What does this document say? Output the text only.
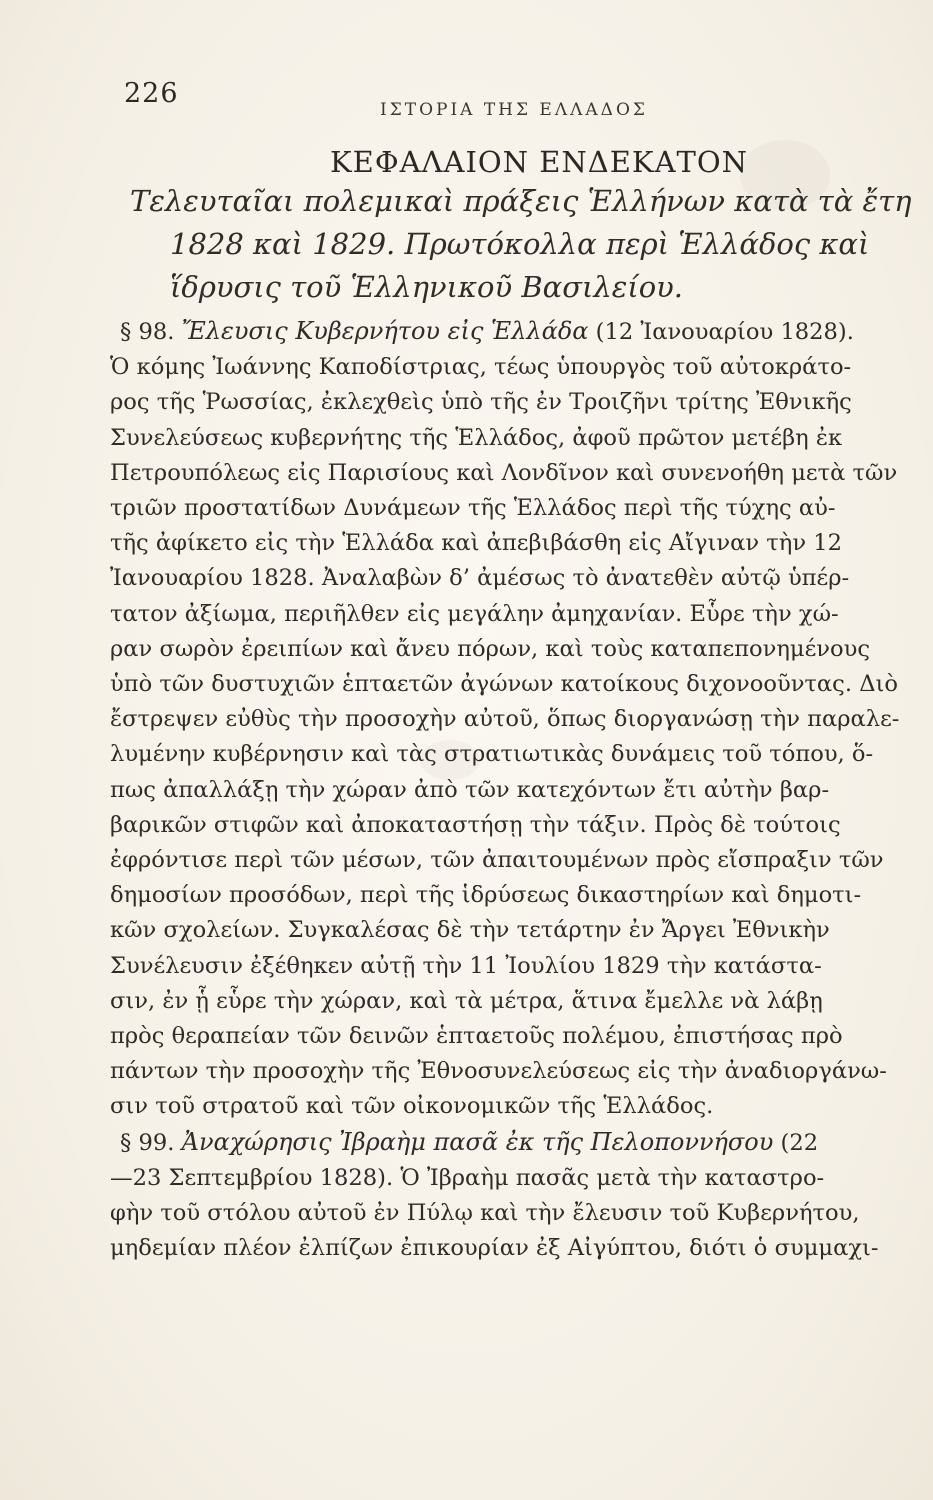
226
ΙΣΤΟΡΙΑ ΤΗΣ ΕΛΛΑΔΟΣ
ΚΕΦΑΛΑΙΟΝ ΕΝΔΕΚΑΤΟΝ
Τελευταῖαι πολεμικαὶ πράξεις Ἑλλήνων κατὰ τὰ ἔτη
1828 καὶ 1829. Πρωτόκολλα περὶ Ἑλλάδος καὶ
ἵδρυσις τοῦ Ἑλληνικοῦ Βασιλείου.
§ 98. Ἔλευσις Κυβερνήτου εἰς Ἑλλάδα (12 Ἰανουαρίου 1828).
Ὁ κόμης Ἰωάννης Καποδίστριας, τέως ὑπουργὸς τοῦ αὐτοκράτο-
ρος τῆς Ῥωσσίας, ἐκλεχθεὶς ὑπὸ τῆς ἐν Τροιζῆνι τρίτης Ἐθνικῆς
Συνελεύσεως κυβερνήτης τῆς Ἑλλάδος, ἀφοῦ πρῶτον μετέβη ἐκ
Πετρουπόλεως εἰς Παρισίους καὶ Λονδῖνον καὶ συνενοήθη μετὰ τῶν
τριῶν προστατίδων Δυνάμεων τῆς Ἑλλάδος περὶ τῆς τύχης αὐ-
τῆς ἀφίκετο εἰς τὴν Ἑλλάδα καὶ ἀπεβιβάσθη εἰς Αἴγιναν τὴν 12
Ἰανουαρίου 1828. Ἀναλαβὼν δ’ ἀμέσως τὸ ἀνατεθὲν αὐτῷ ὑπέρ-
τατον ἀξίωμα, περιῆλθεν εἰς μεγάλην ἀμηχανίαν. Εὗρε τὴν χώ-
ραν σωρὸν ἐρειπίων καὶ ἄνευ πόρων, καὶ τοὺς καταπεπονημένους
ὑπὸ τῶν δυστυχιῶν ἑπταετῶν ἀγώνων κατοίκους διχονοοῦντας. Διὸ
ἔστρεψεν εὐθὺς τὴν προσοχὴν αὐτοῦ, ὅπως διοργανώσῃ τὴν παραλε-
λυμένην κυβέρνησιν καὶ τὰς στρατιωτικὰς δυνάμεις τοῦ τόπου, ὅ-
πως ἀπαλλάξῃ τὴν χώραν ἀπὸ τῶν κατεχόντων ἔτι αὐτὴν βαρ-
βαρικῶν στιφῶν καὶ ἀποκαταστήσῃ τὴν τάξιν. Πρὸς δὲ τούτοις
ἐφρόντισε περὶ τῶν μέσων, τῶν ἀπαιτουμένων πρὸς εἴσπραξιν τῶν
δημοσίων προσόδων, περὶ τῆς ἱδρύσεως δικαστηρίων καὶ δημοτι-
κῶν σχολείων. Συγκαλέσας δὲ τὴν τετάρτην ἐν Ἄργει Ἐθνικὴν
Συνέλευσιν ἐξέθηκεν αὐτῇ τὴν 11 Ἰουλίου 1829 τὴν κατάστα-
σιν, ἐν ᾗ εὗρε τὴν χώραν, καὶ τὰ μέτρα, ἅτινα ἔμελλε νὰ λάβῃ
πρὸς θεραπείαν τῶν δεινῶν ἑπταετοῦς πολέμου, ἐπιστήσας πρὸ
πάντων τὴν προσοχὴν τῆς Ἐθνοσυνελεύσεως εἰς τὴν ἀναδιοργάνω-
σιν τοῦ στρατοῦ καὶ τῶν οἰκονομικῶν τῆς Ἑλλάδος.
§ 99. Ἀναχώρησις Ἰβραὴμ πασᾶ ἐκ τῆς Πελοποννήσου (22
—23 Σεπτεμβρίου 1828). Ὁ Ἰβραὴμ πασᾶς μετὰ τὴν καταστρο-
φὴν τοῦ στόλου αὐτοῦ ἐν Πύλῳ καὶ τὴν ἔλευσιν τοῦ Κυβερνήτου,
μηδεμίαν πλέον ἐλπίζων ἐπικουρίαν ἐξ Αἰγύπτου, διότι ὁ συμμαχι-
